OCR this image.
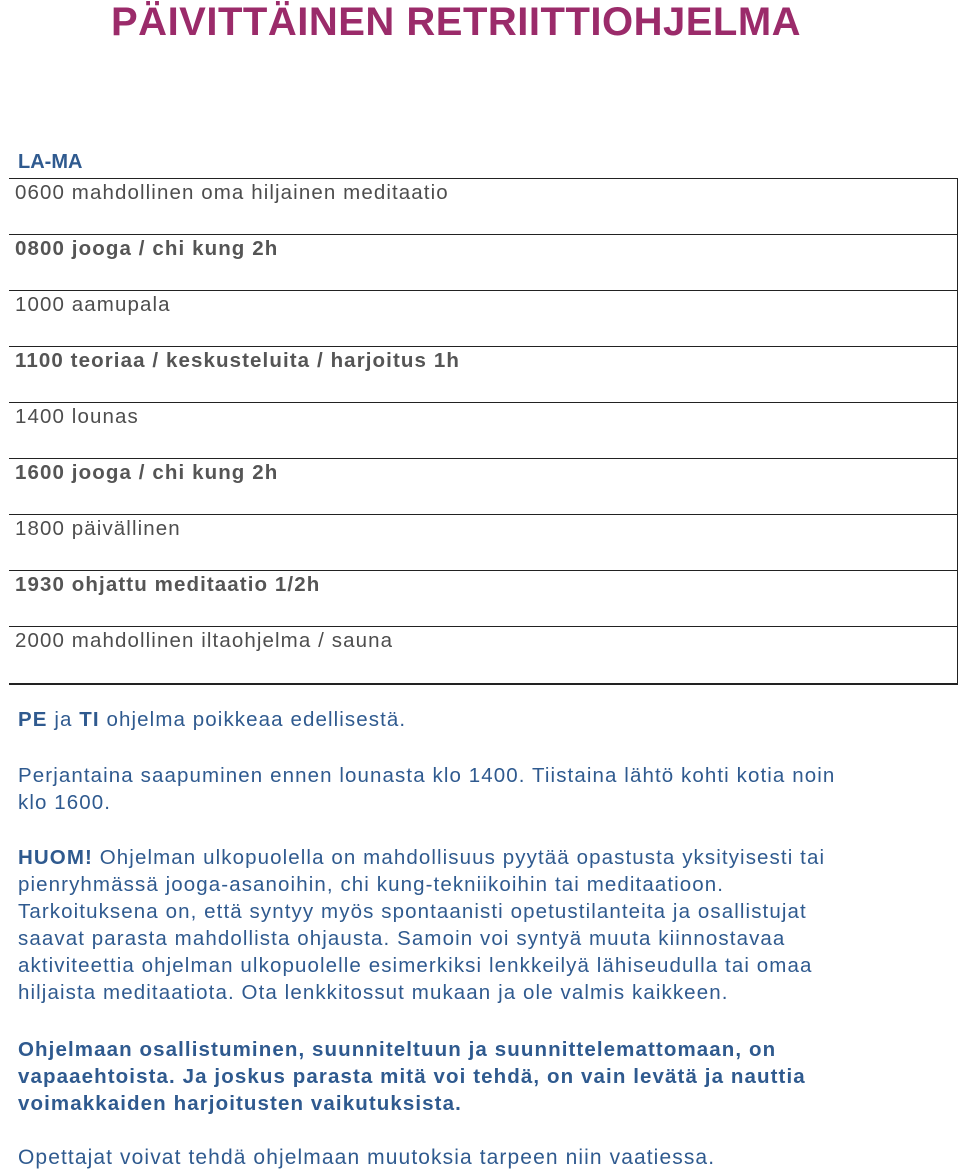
PÄIVITTÄINEN RETRIITTIOHJELMA
LA-MA
0600 mahdollinen oma hiljainen meditaatio
0800 jooga / chi kung 2h
1000 aamupala
1100 teoriaa / keskusteluita / harjoitus 1h
1400 lounas
1600 jooga / chi kung 2h
1800 päivällinen
1930 ohjattu meditaatio 1/2h
2000 mahdollinen iltaohjelma / sauna

PE ja TI ohjelma poikkeaa edellisestä.

Perjantaina saapuminen ennen lounasta klo 1400. Tiistaina lähtö kohti kotia noin
klo 1600.

HUOM! Ohjelman ulkopuolella on mahdollisuus pyytää opastusta yksityisesti tai
pienryhmässä jooga-asanoihin, chi kung-tekniikoihin tai meditaatioon.
Tarkoituksena on, että syntyy myös spontaanisti opetustilanteita ja osallistujat
saavat parasta mahdollista ohjausta. Samoin voi syntyä muuta kiinnostavaa
aktiviteettia ohjelman ulkopuolelle esimerkiksi lenkkeilyä lähiseudulla tai omaa
hiljaista meditaatiota. Ota lenkkitossut mukaan ja ole valmis kaikkeen.

Ohjelmaan osallistuminen, suunniteltuun ja suunnittelemattomaan, on
vapaaehtoista. Ja joskus parasta mitä voi tehdä, on vain levätä ja nauttia
voimakkaiden harjoitusten vaikutuksista.

Opettajat voivat tehdä ohjelmaan muutoksia tarpeen niin vaatiessa.
